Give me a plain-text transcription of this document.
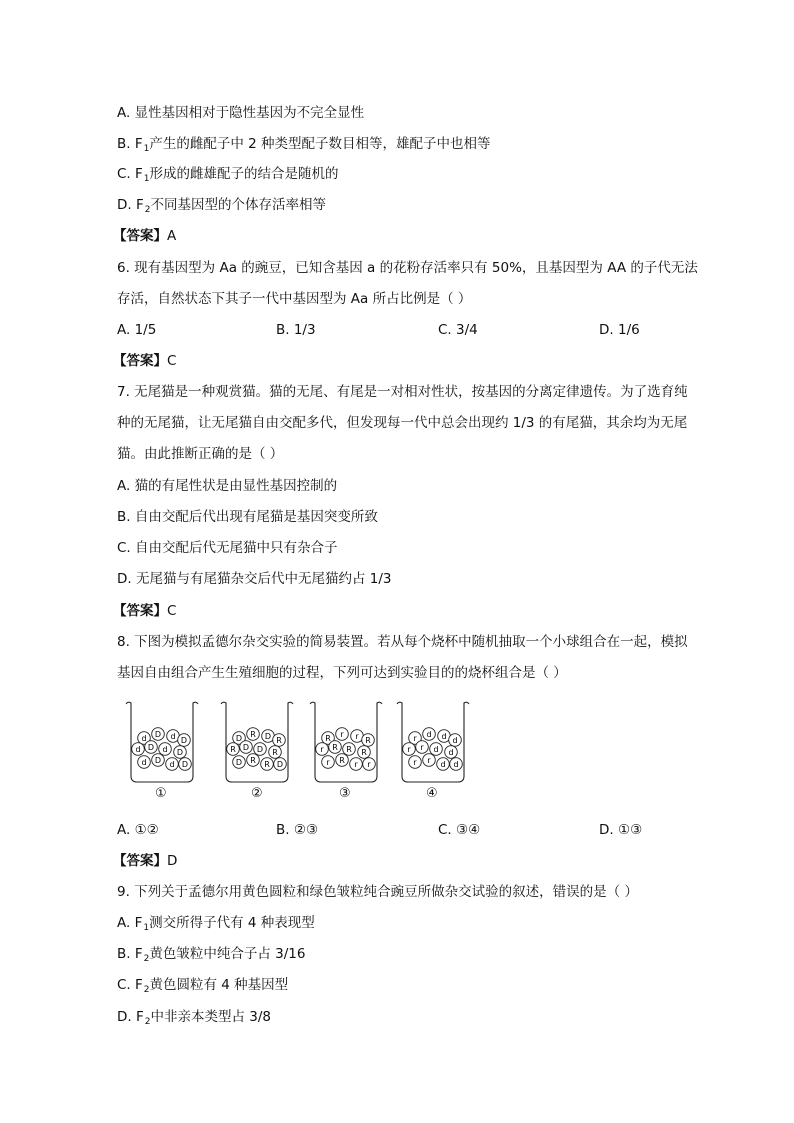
A. 显性基因相对于隐性基因为不完全显性
B. $F_1$产生的雌配子中 2 种类型配子数目相等，雄配子中也相等
C. $F_1$形成的雌雄配子的结合是随机的
D. $F_2$不同基因型的个体存活率相等
【答案】A
6. 现有基因型为 Aa 的豌豆，已知含基因 a 的花粉存活率只有 50%，且基因型为 AA 的子代无法
存活，自然状态下其子一代中基因型为 Aa 所占比例是（ ）
A. 1/5	B. 1/3	C. 3/4	D. 1/6
【答案】C
7. 无尾猫是一种观赏猫。猫的无尾、有尾是一对相对性状，按基因的分离定律遗传。为了选育纯
种的无尾猫，让无尾猫自由交配多代，但发现每一代中总会出现约 1/3 的有尾猫，其余均为无尾
猫。由此推断正确的是（ ）
A. 猫的有尾性状是由显性基因控制的
B. 自由交配后代出现有尾猫是基因突变所致
C. 自由交配后代无尾猫中只有杂合子
D. 无尾猫与有尾猫杂交后代中无尾猫约占 1/3
【答案】C
8. 下图为模拟孟德尔杂交实验的简易装置。若从每个烧杯中随机抽取一个小球组合在一起，模拟
基因自由组合产生生殖细胞的过程，下列可达到实验目的的烧杯组合是（ ）
d D d D
d D d D
d D d D
D R D R
R D D R
D R R D
R r r R
r R R R
r R r r
r d d d
r r d d
r r d d
①	②	③	④
A. ①②	B. ②③	C. ③④	D. ①③
【答案】D
9. 下列关于孟德尔用黄色圆粒和绿色皱粒纯合豌豆所做杂交试验的叙述，错误的是（ ）
A. $F_1$测交所得子代有 4 种表现型
B. $F_2$黄色皱粒中纯合子占 3/16
C. $F_2$黄色圆粒有 4 种基因型
D. $F_2$中非亲本类型占 3/8
